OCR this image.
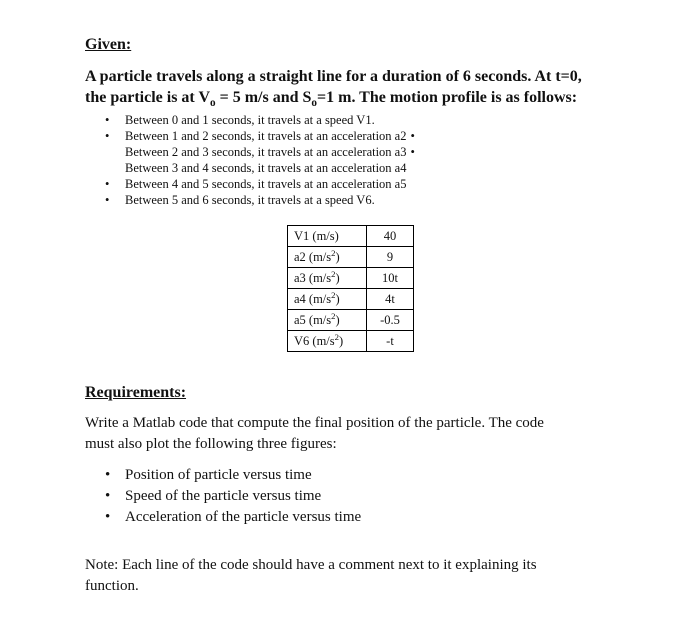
Given:
A particle travels along a straight line for a duration of 6 seconds. At t=0,
the particle is at $V_o = 5$ m/s and $S_o=1$ m. The motion profile is as follows:
• Between 0 and 1 seconds, it travels at a speed V1.
• Between 1 and 2 seconds, it travels at an acceleration a2 •
Between 2 and 3 seconds, it travels at an acceleration a3 •
Between 3 and 4 seconds, it travels at an acceleration a4
• Between 4 and 5 seconds, it travels at an acceleration a5
• Between 5 and 6 seconds, it travels at a speed V6.
V1 (m/s)	40
a2 $(m/s^2)$	9
a3 $(m/s^2)$	10t
a4 $(m/s^2)$	4t
a5 $(m/s^2)$	-0.5
V6 $(m/s^2)$	-t
Requirements:
Write a Matlab code that compute the final position of the particle. The code
must also plot the following three figures:
• Position of particle versus time
• Speed of the particle versus time
• Acceleration of the particle versus time
Note: Each line of the code should have a comment next to it explaining its
function.
